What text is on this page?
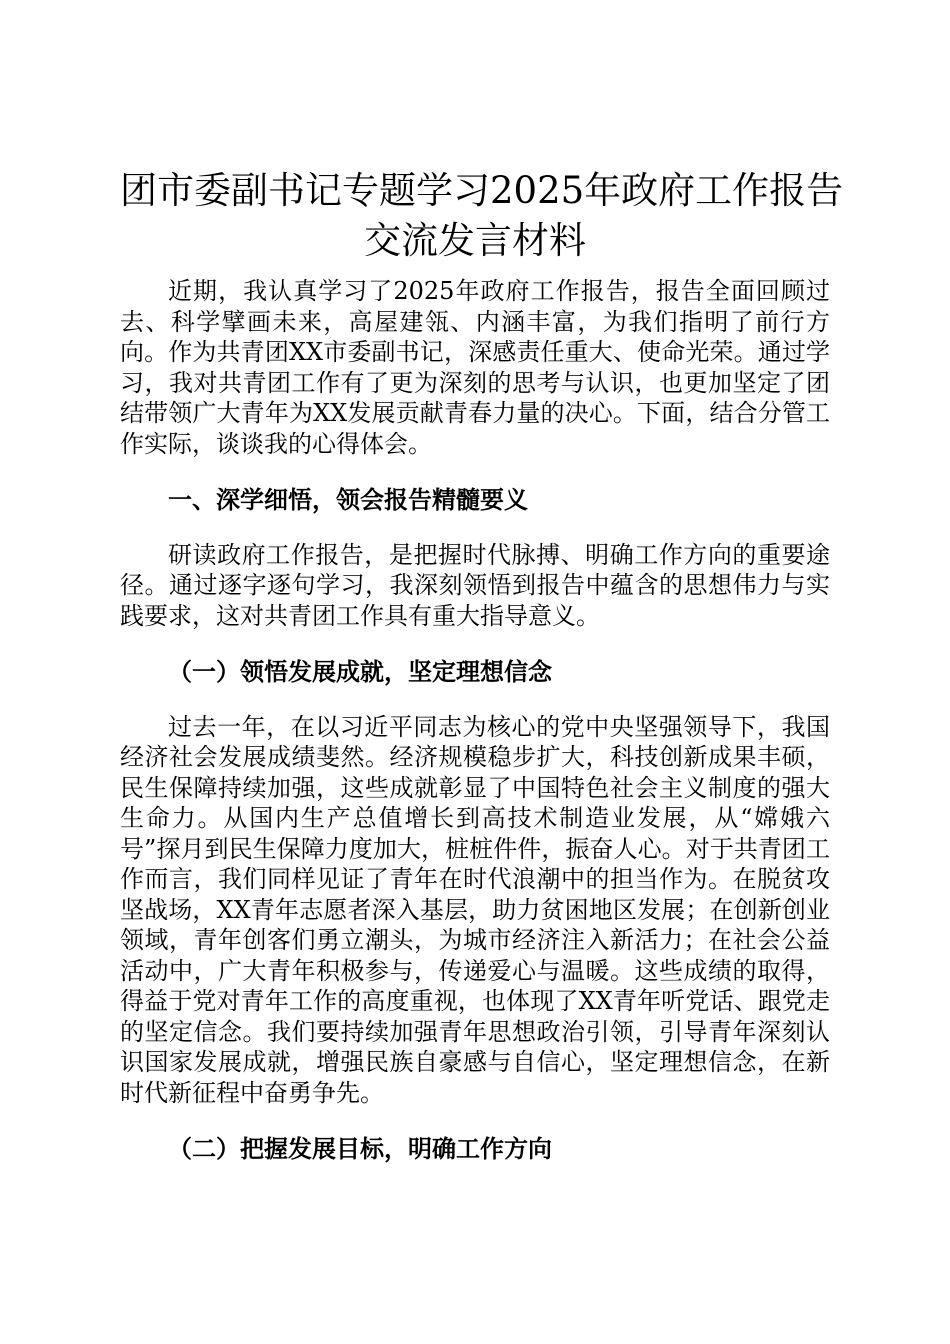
团市委副书记专题学习2025年政府工作报告
交流发言材料

近期，我认真学习了2025年政府工作报告，报告全面回顾过去、科学擘画未来，高屋建瓴、内涵丰富，为我们指明了前行方向。作为共青团XX市委副书记，深感责任重大、使命光荣。通过学习，我对共青团工作有了更为深刻的思考与认识，也更加坚定了团结带领广大青年为XX发展贡献青春力量的决心。下面，结合分管工作实际，谈谈我的心得体会。

一、深学细悟，领会报告精髓要义

研读政府工作报告，是把握时代脉搏、明确工作方向的重要途径。通过逐字逐句学习，我深刻领悟到报告中蕴含的思想伟力与实践要求，这对共青团工作具有重大指导意义。

（一）领悟发展成就，坚定理想信念

过去一年，在以习近平同志为核心的党中央坚强领导下，我国经济社会发展成绩斐然。经济规模稳步扩大，科技创新成果丰硕，民生保障持续加强，这些成就彰显了中国特色社会主义制度的强大生命力。从国内生产总值增长到高技术制造业发展，从“嫦娥六号”探月到民生保障力度加大，桩桩件件，振奋人心。对于共青团工作而言，我们同样见证了青年在时代浪潮中的担当作为。在脱贫攻坚战场，XX青年志愿者深入基层，助力贫困地区发展；在创新创业领域，青年创客们勇立潮头，为城市经济注入新活力；在社会公益活动中，广大青年积极参与，传递爱心与温暖。这些成绩的取得，得益于党对青年工作的高度重视，也体现了XX青年听党话、跟党走的坚定信念。我们要持续加强青年思想政治引领，引导青年深刻认识国家发展成就，增强民族自豪感与自信心，坚定理想信念，在新时代新征程中奋勇争先。

（二）把握发展目标，明确工作方向
